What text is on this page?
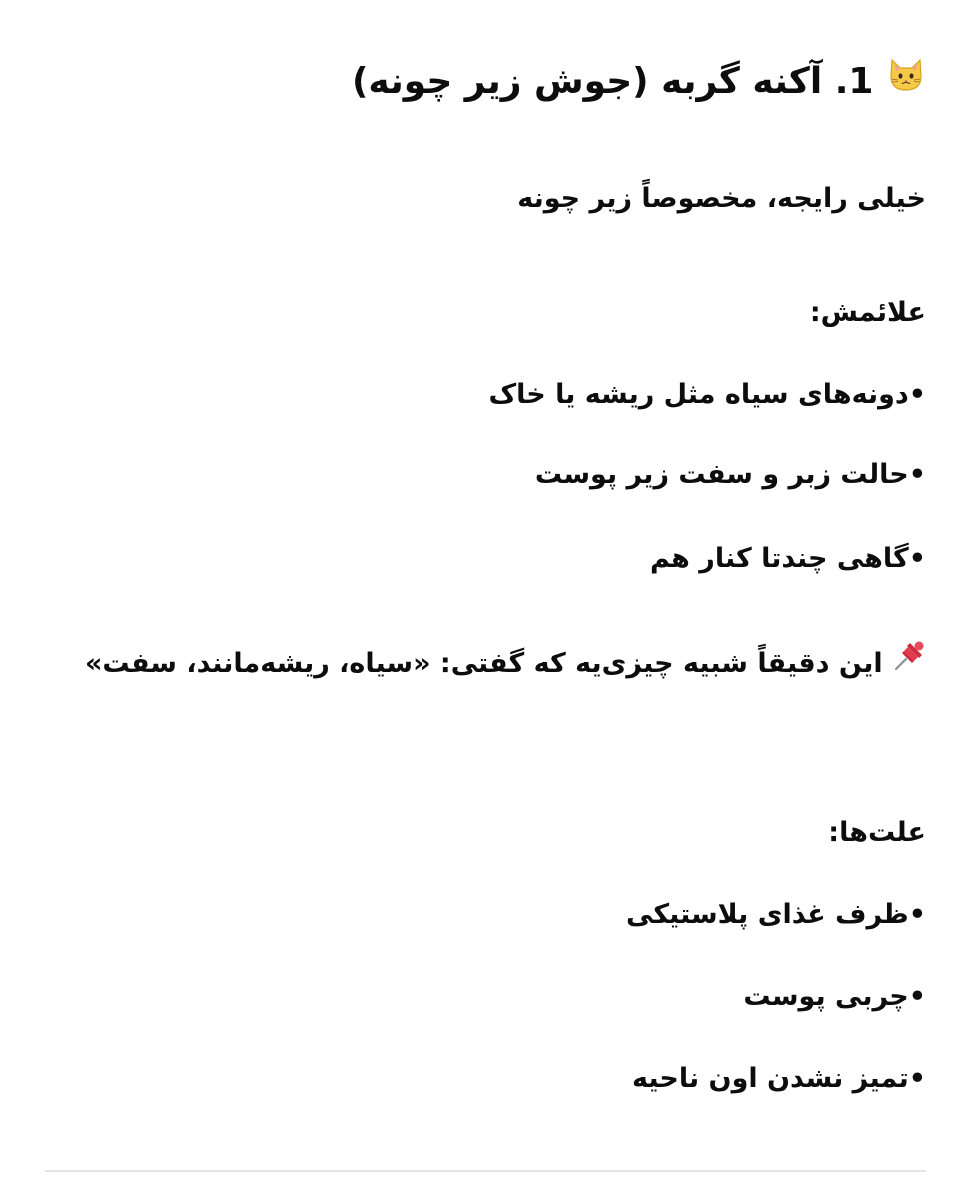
1. آکنه گربه (جوش زیر چونه)

خیلی رایجه، مخصوصاً زیر چونه

علائمش:

•دونه‌های سیاه مثل ریشه یا خاک

•حالت زبر و سفت زیر پوست

•گاهی چندتا کنار هم

این دقیقاً شبیه چیزی‌یه که گفتی: «سیاه، ریشه‌مانند، سفت»

علت‌ها:

•ظرف غذای پلاستیکی

•چربی پوست

•تمیز نشدن اون ناحیه
